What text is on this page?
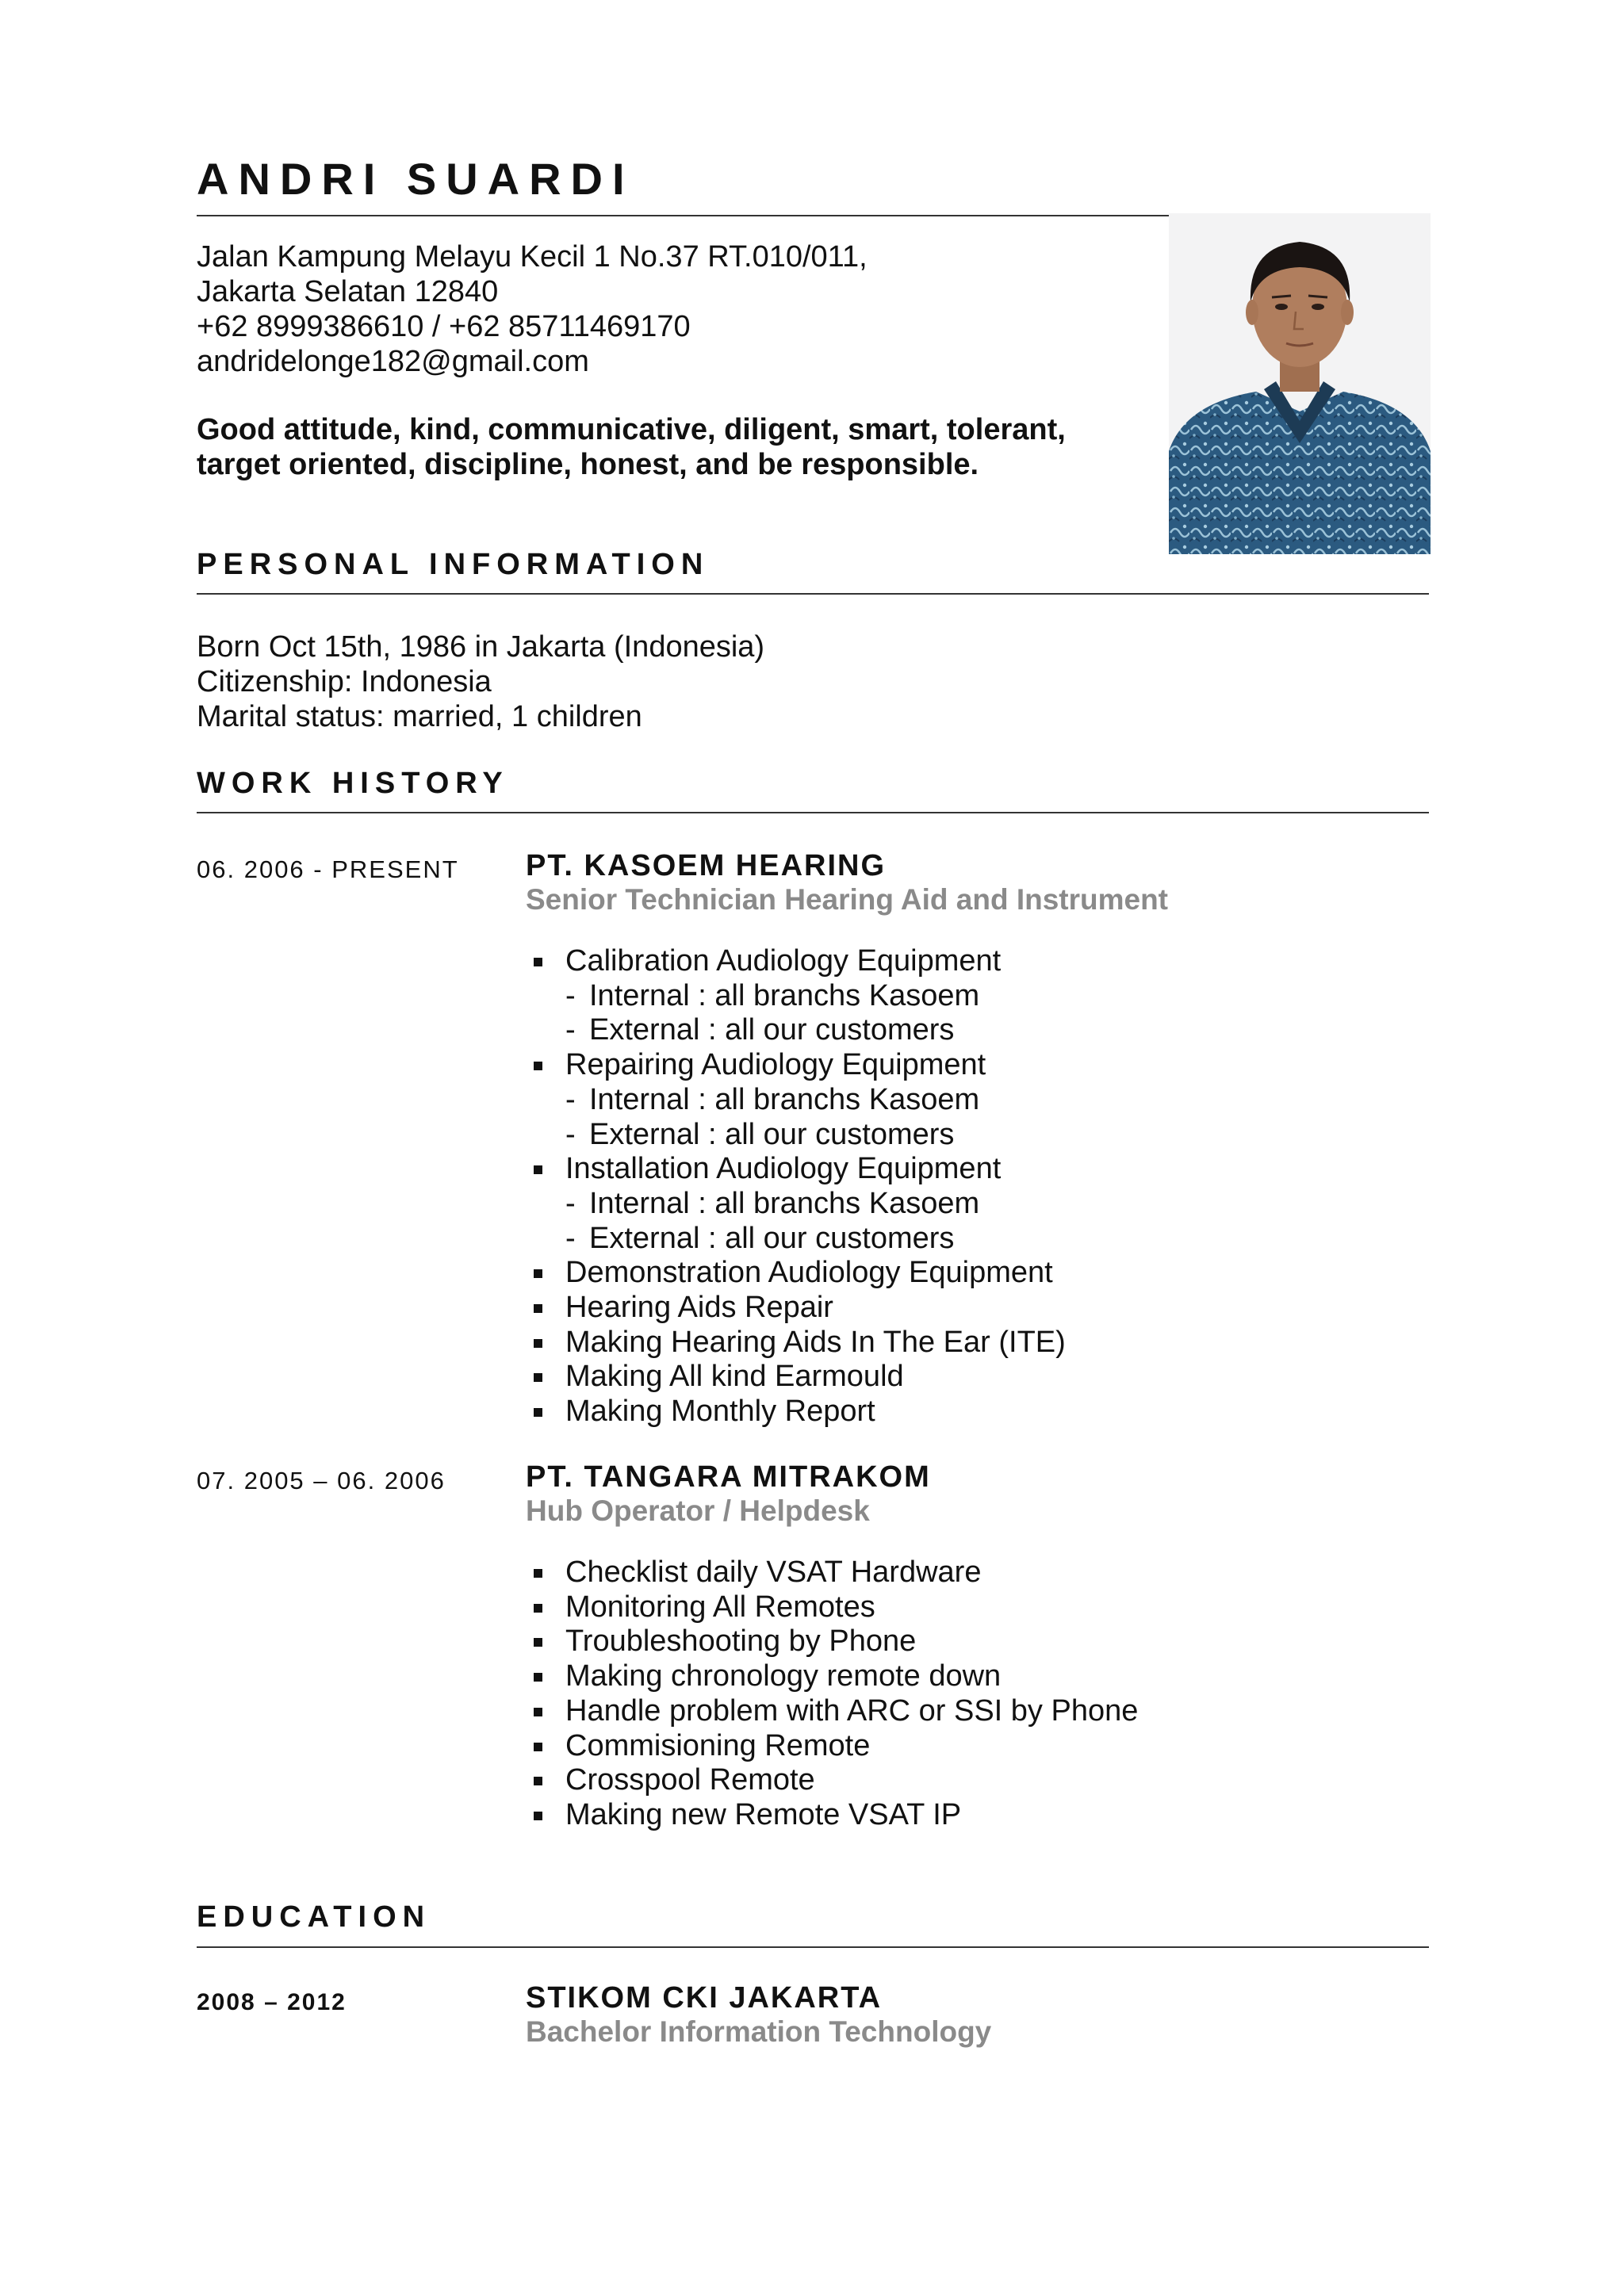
ANDRI SUARDI
Jalan Kampung Melayu Kecil 1 No.37 RT.010/011,
Jakarta Selatan 12840
+62 8999386610 / +62 85711469170
andridelonge182@gmail.com
Good attitude, kind, communicative, diligent, smart, tolerant,
target oriented, discipline, honest, and be responsible.
PERSONAL INFORMATION
Born Oct 15th, 1986 in Jakarta (Indonesia)
Citizenship: Indonesia
Marital status: married, 1 children
WORK HISTORY
06. 2006 - PRESENT PT. KASOEM HEARING
Senior Technician Hearing Aid and Instrument
Calibration Audiology Equipment
- Internal : all branchs Kasoem
- External : all our customers
Repairing Audiology Equipment
- Internal : all branchs Kasoem
- External : all our customers
Installation Audiology Equipment
- Internal : all branchs Kasoem
- External : all our customers
Demonstration Audiology Equipment
Hearing Aids Repair
Making Hearing Aids In The Ear (ITE)
Making All kind Earmould
Making Monthly Report
07. 2005 – 06. 2006	PT. TANGARA MITRAKOM
Hub Operator / Helpdesk
Checklist daily VSAT Hardware
Monitoring All Remotes
Troubleshooting by Phone
Making chronology remote down
Handle problem with ARC or SSI by Phone
Commisioning Remote
Crosspool Remote
Making new Remote VSAT IP
EDUCATION
2008 – 2012	STIKOM CKI JAKARTA
Bachelor Information Technology
